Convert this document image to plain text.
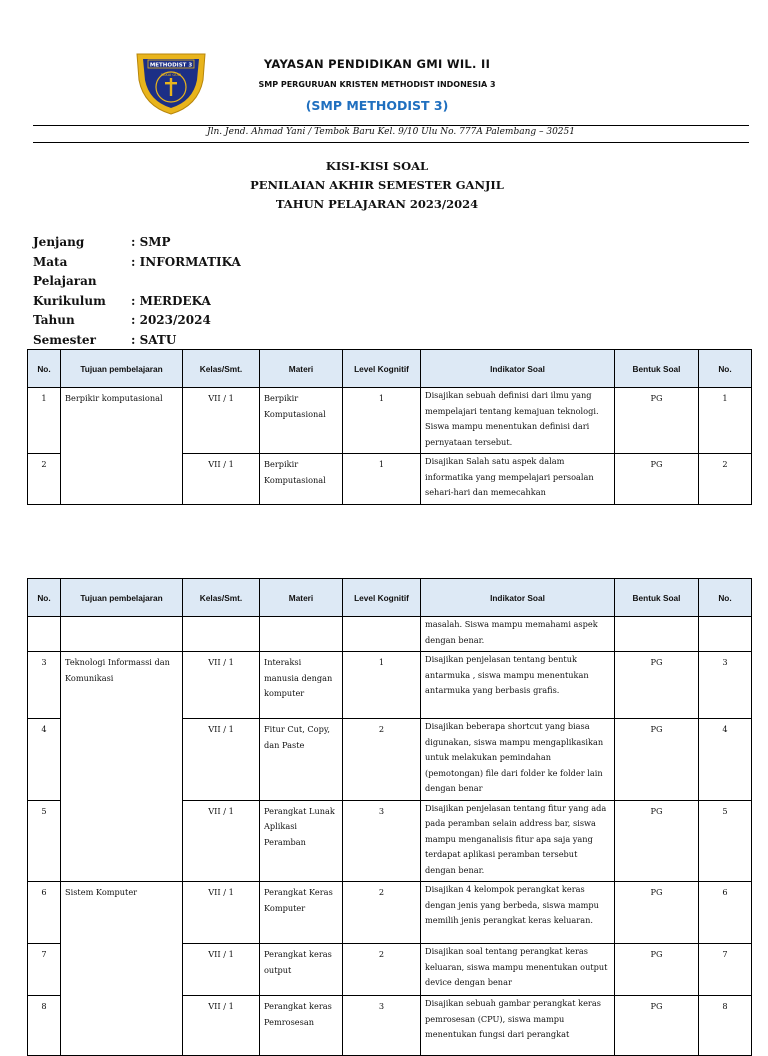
METHODIST 3
SAKAI GUBI
YAYASAN PENDIDIKAN GMI WIL. II
SMP PERGURUAN KRISTEN METHODIST INDONESIA 3
(SMP METHODIST 3)
Jln. Jend. Ahmad Yani / Tembok Baru Kel. 9/10 Ulu No. 777A Palembang – 30251
KISI-KISI SOAL
PENILAIAN AKHIR SEMESTER GANJIL
TAHUN PELAJARAN 2023/2024
Jenjang	: SMP
Mata Pelajaran
: INFORMATIKA
Kurikulum	: MERDEKA
Tahun	: 2023/2024
Semester	: SATU
No.	Tujuan pembelajaran	Kelas/Smt.	Materi	Level Kognitif	Indikator Soal	Bentuk Soal	No.
1	Berpikir komputasional	VII / 1	Berpikir Komputasional	1	Disajikan sebuah definisi dari ilmu yang mempelajari tentang kemajuan teknologi. Siswa mampu menentukan definisi dari pernyataan tersebut.	PG	1
2		VII / 1	Berpikir Komputasional	1	Disajikan Salah satu aspek dalam informatika yang mempelajari persoalan sehari-hari dan memecahkan	PG	2
No.	Tujuan pembelajaran	Kelas/Smt.	Materi	Level Kognitif	Indikator Soal	Bentuk Soal	No.
					masalah. Siswa mampu memahami aspek dengan benar.		
3	Teknologi Informassi dan Komunikasi	VII / 1	Interaksi manusia dengan komputer	1	Disajikan penjelasan tentang bentuk antarmuka , siswa mampu menentukan antarmuka yang berbasis grafis.	PG	3
4		VII / 1	Fitur Cut, Copy, dan Paste	2	Disajikan beberapa shortcut yang biasa digunakan, siswa mampu mengaplikasikan untuk melakukan pemindahan (pemotongan) file dari folder ke folder lain dengan benar	PG	4
5		VII / 1	Perangkat Lunak Aplikasi Peramban	3	Disajikan penjelasan tentang fitur yang ada pada peramban selain address bar, siswa mampu menganalisis fitur apa saja yang terdapat aplikasi peramban tersebut dengan benar.	PG	5
6	Sistem Komputer	VII / 1	Perangkat Keras Komputer	2	Disajikan 4 kelompok perangkat keras dengan jenis yang berbeda, siswa mampu memilih jenis perangkat keras keluaran.	PG	6
7		VII / 1	Perangkat keras output	2	Disajikan soal tentang perangkat keras keluaran, siswa mampu menentukan output device dengan benar	PG	7
8		VII / 1	Perangkat keras Pemrosesan	3	Disajikan sebuah gambar perangkat keras pemrosesan (CPU), siswa mampu menentukan fungsi dari perangkat	PG	8
